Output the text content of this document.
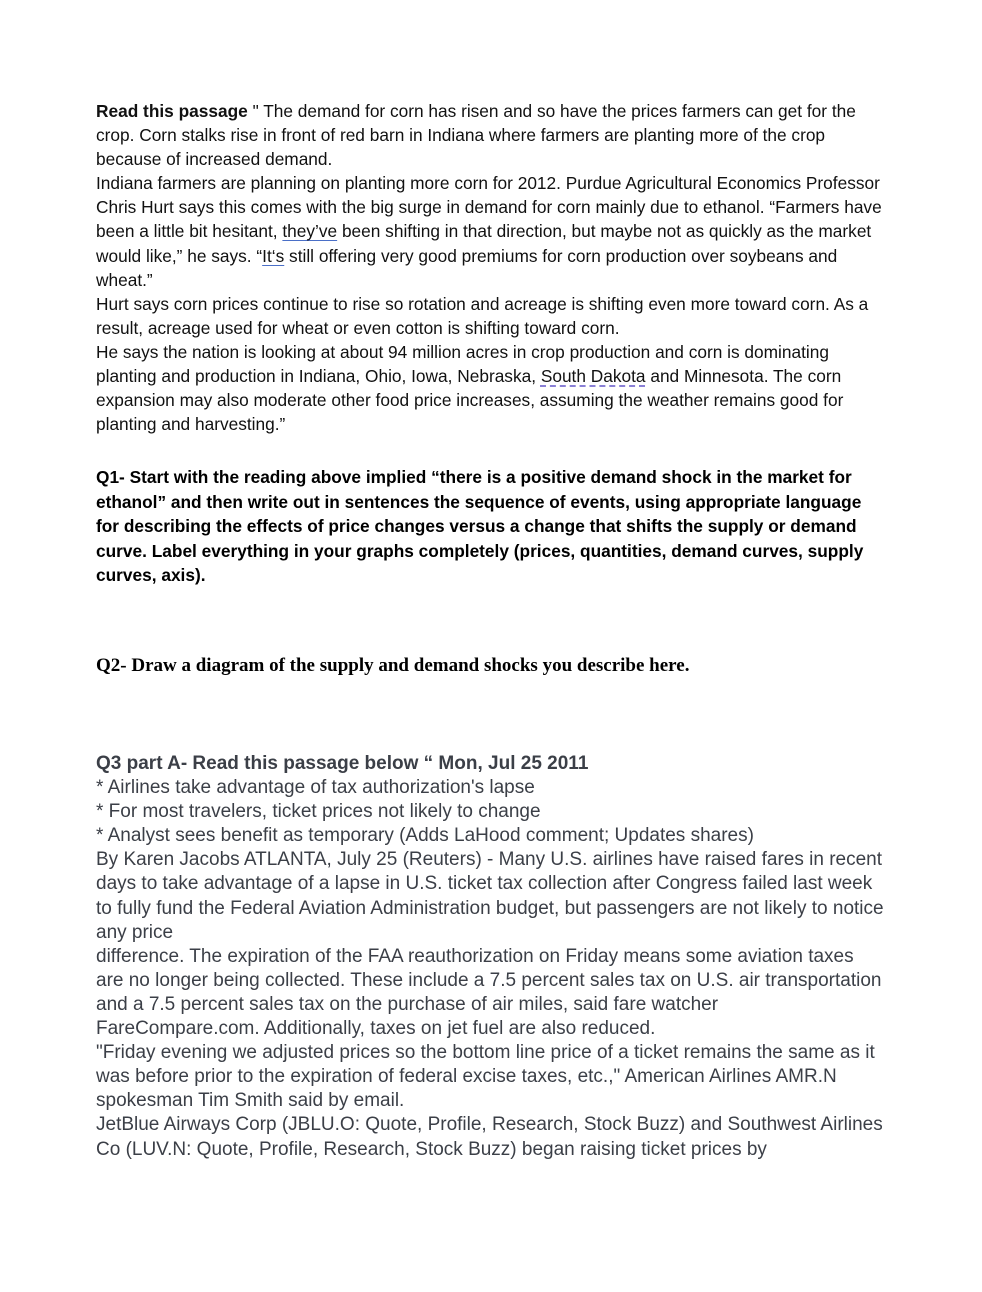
Read this passage " The demand for corn has risen and so have the prices farmers can get for the crop. Corn stalks rise in front of red barn in Indiana where farmers are planting more of the crop because of increased demand.

Indiana farmers are planning on planting more corn for 2012. Purdue Agricultural Economics Professor Chris Hurt says this comes with the big surge in demand for corn mainly due to ethanol. “Farmers have been a little bit hesitant, they’ve been shifting in that direction, but maybe not as quickly as the market would like,” he says. “It‘s still offering very good premiums for corn production over soybeans and wheat.”

Hurt says corn prices continue to rise so rotation and acreage is shifting even more toward corn. As a result, acreage used for wheat or even cotton is shifting toward corn.

He says the nation is looking at about 94 million acres in crop production and corn is dominating planting and production in Indiana, Ohio, Iowa, Nebraska, South Dakota and Minnesota. The corn expansion may also moderate other food price increases, assuming the weather remains good for planting and harvesting.”

Q1- Start with the reading above implied “there is a positive demand shock in the market for ethanol” and then write out in sentences the sequence of events, using appropriate language for describing the effects of price changes versus a change that shifts the supply or demand curve. Label everything in your graphs completely (prices, quantities, demand curves, supply curves, axis).

Q2- Draw a diagram of the supply and demand shocks you describe here.

Q3 part A- Read this passage below “ Mon, Jul 25 2011

* Airlines take advantage of tax authorization's lapse

* For most travelers, ticket prices not likely to change

* Analyst sees benefit as temporary (Adds LaHood comment; Updates shares)

By Karen Jacobs ATLANTA, July 25 (Reuters) - Many U.S. airlines have raised fares in recent days to take advantage of a lapse in U.S. ticket tax collection after Congress failed last week to fully fund the Federal Aviation Administration budget, but passengers are not likely to notice any price

difference. The expiration of the FAA reauthorization on Friday means some aviation taxes are no longer being collected. These include a 7.5 percent sales tax on U.S. air transportation and a 7.5 percent sales tax on the purchase of air miles, said fare watcher FareCompare.com. Additionally, taxes on jet fuel are also reduced.

"Friday evening we adjusted prices so the bottom line price of a ticket remains the same as it was before prior to the expiration of federal excise taxes, etc.," American Airlines AMR.N spokesman Tim Smith said by email.

JetBlue Airways Corp (JBLU.O: Quote, Profile, Research, Stock Buzz) and Southwest Airlines Co (LUV.N: Quote, Profile, Research, Stock Buzz) began raising ticket prices by
